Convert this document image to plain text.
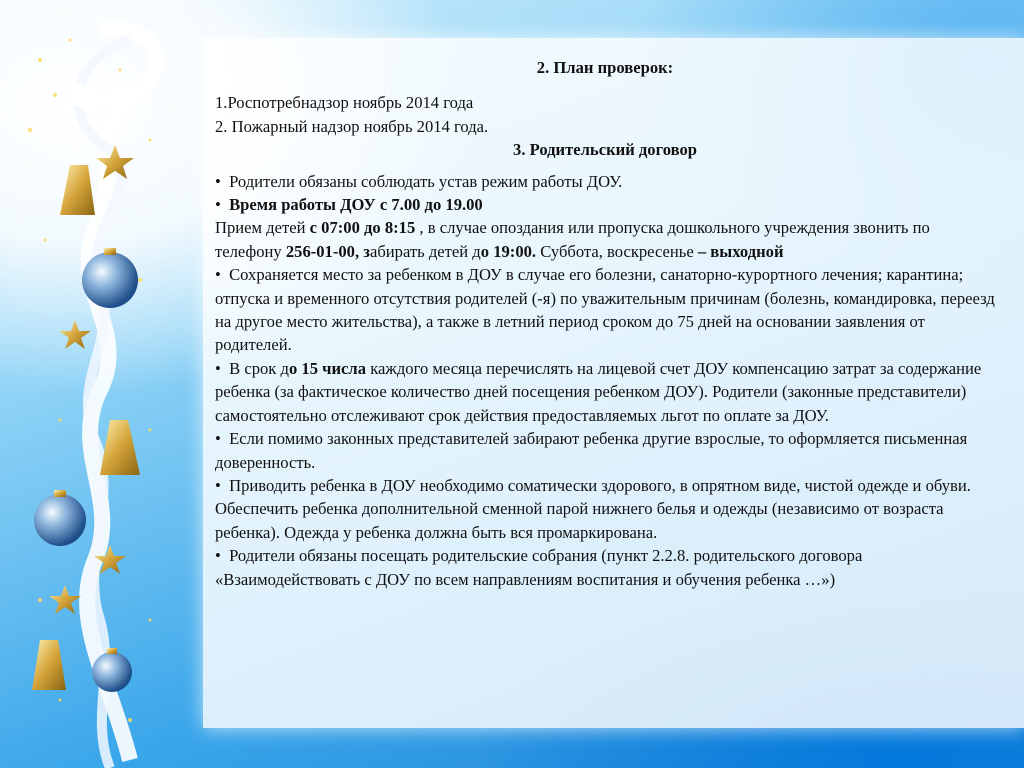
2. План проверок:

1.Роспотребнадзор ноябрь 2014 года

2. Пожарный надзор ноябрь 2014 года.

3. Родительский договор

•  Родители обязаны соблюдать устав режим работы ДОУ.

•  Время работы ДОУ с 7.00 до 19.00

Прием детей с 07:00 до 8:15 , в случае опоздания или пропуска дошкольного учреждения звонить по телефону 256-01-00, забирать детей до 19:00. Суббота, воскресенье – выходной

•  Сохраняется место за ребенком в ДОУ в случае его болезни, санаторно-курортного лечения; карантина; отпуска и временного отсутствия родителей (-я) по уважительным причинам (болезнь, командировка, переезд на другое место жительства), а также в летний период сроком до 75 дней на основании заявления от родителей.

•  В срок до 15 числа каждого месяца перечислять на лицевой счет ДОУ компенсацию затрат за содержание ребенка (за фактическое количество дней посещения ребенком ДОУ). Родители (законные представители) самостоятельно отслеживают срок действия предоставляемых льгот по оплате за ДОУ.

•  Если помимо законных представителей забирают ребенка другие взрослые, то оформляется письменная доверенность.

•  Приводить ребенка в ДОУ необходимо соматически здорового, в опрятном виде, чистой одежде и обуви. Обеспечить ребенка дополнительной сменной парой нижнего белья и одежды (независимо от возраста ребенка). Одежда у ребенка должна быть вся промаркирована.

•  Родители обязаны посещать родительские собрания (пункт 2.2.8. родительского договора «Взаимодействовать с ДОУ по всем направлениям воспитания и обучения ребенка …»)
